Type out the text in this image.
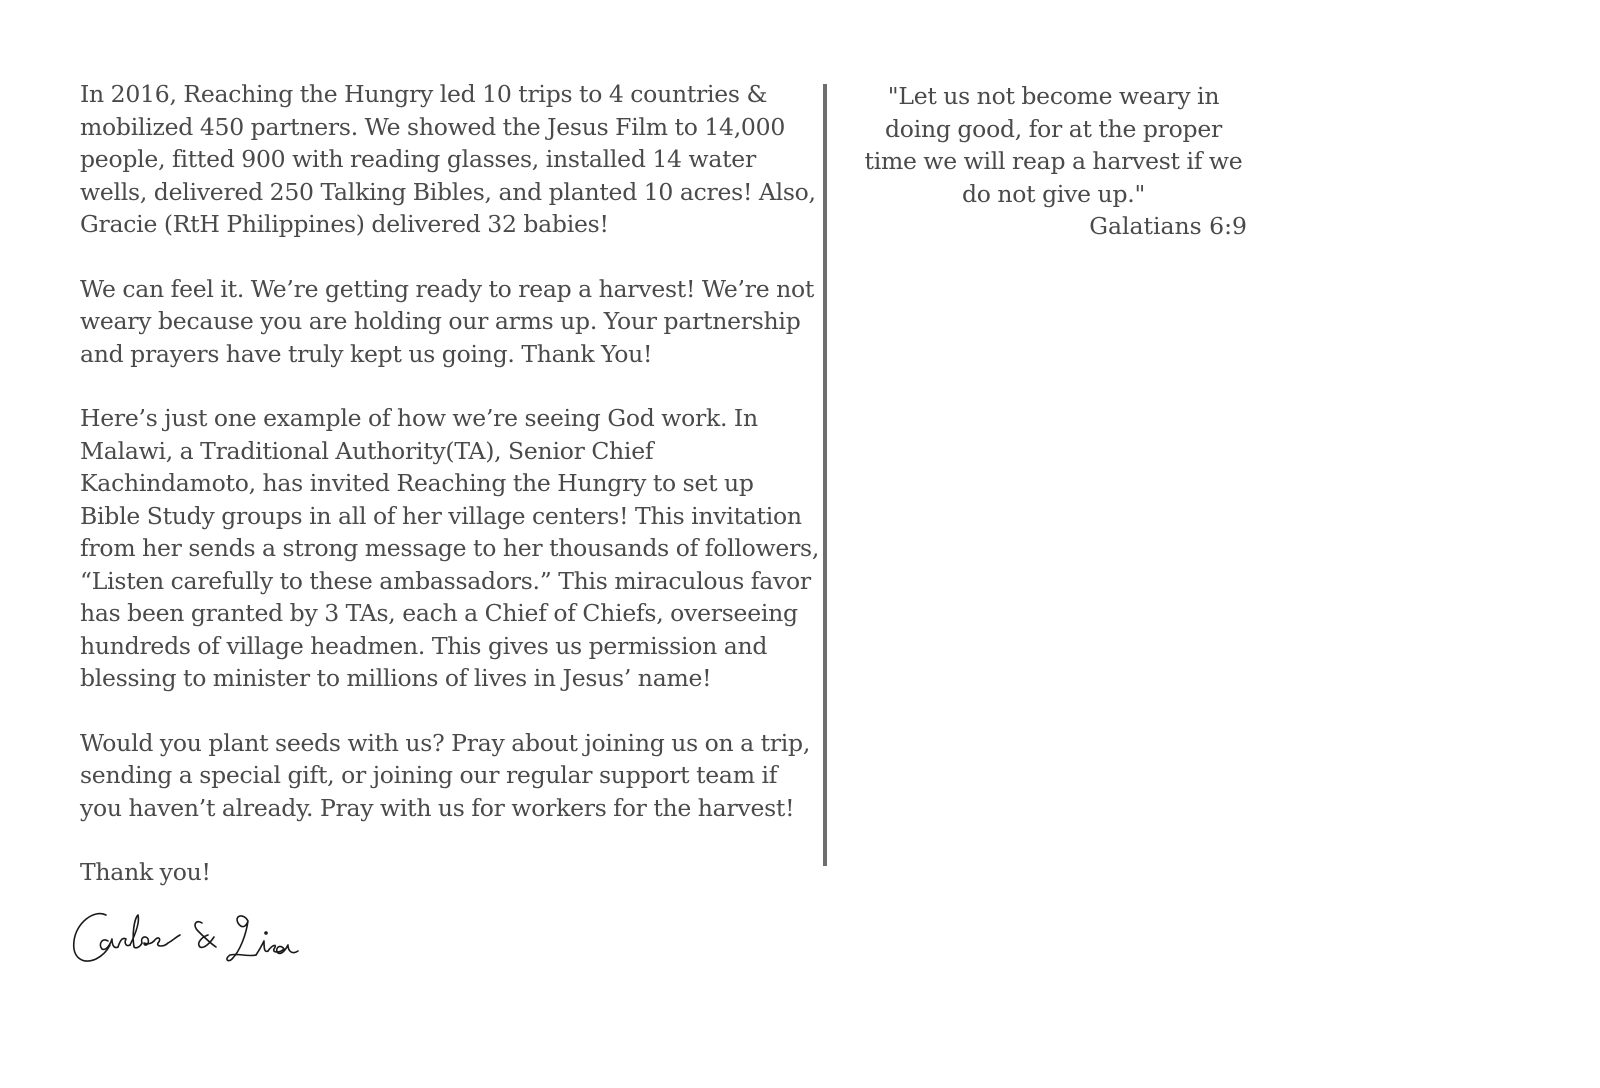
In 2016, Reaching the Hungry led 10 trips to 4 countries & mobilized 450 partners. We showed the Jesus Film to 14,000 people, fitted 900 with reading glasses, installed 14 water wells, delivered 250 Talking Bibles, and planted 10 acres! Also, Gracie (RtH Philippines) delivered 32 babies!

We can feel it. We’re getting ready to reap a harvest! We’re not weary because you are holding our arms up. Your partnership and prayers have truly kept us going. Thank You!

Here’s just one example of how we’re seeing God work. In Malawi, a Traditional Authority(TA), Senior Chief Kachindamoto, has invited Reaching the Hungry to set up Bible Study groups in all of her village centers! This invitation from her sends a strong message to her thousands of followers, “Listen carefully to these ambassadors.” This miraculous favor has been granted by 3 TAs, each a Chief of Chiefs, overseeing hundreds of village headmen. This gives us permission and blessing to minister to millions of lives in Jesus’ name!

Would you plant seeds with us? Pray about joining us on a trip, sending a special gift, or joining our regular support team if you haven’t already. Pray with us for workers for the harvest!

Thank you!

"Let us not become weary in doing good, for at the proper time we will reap a harvest if we do not give up."

Galatians 6:9
